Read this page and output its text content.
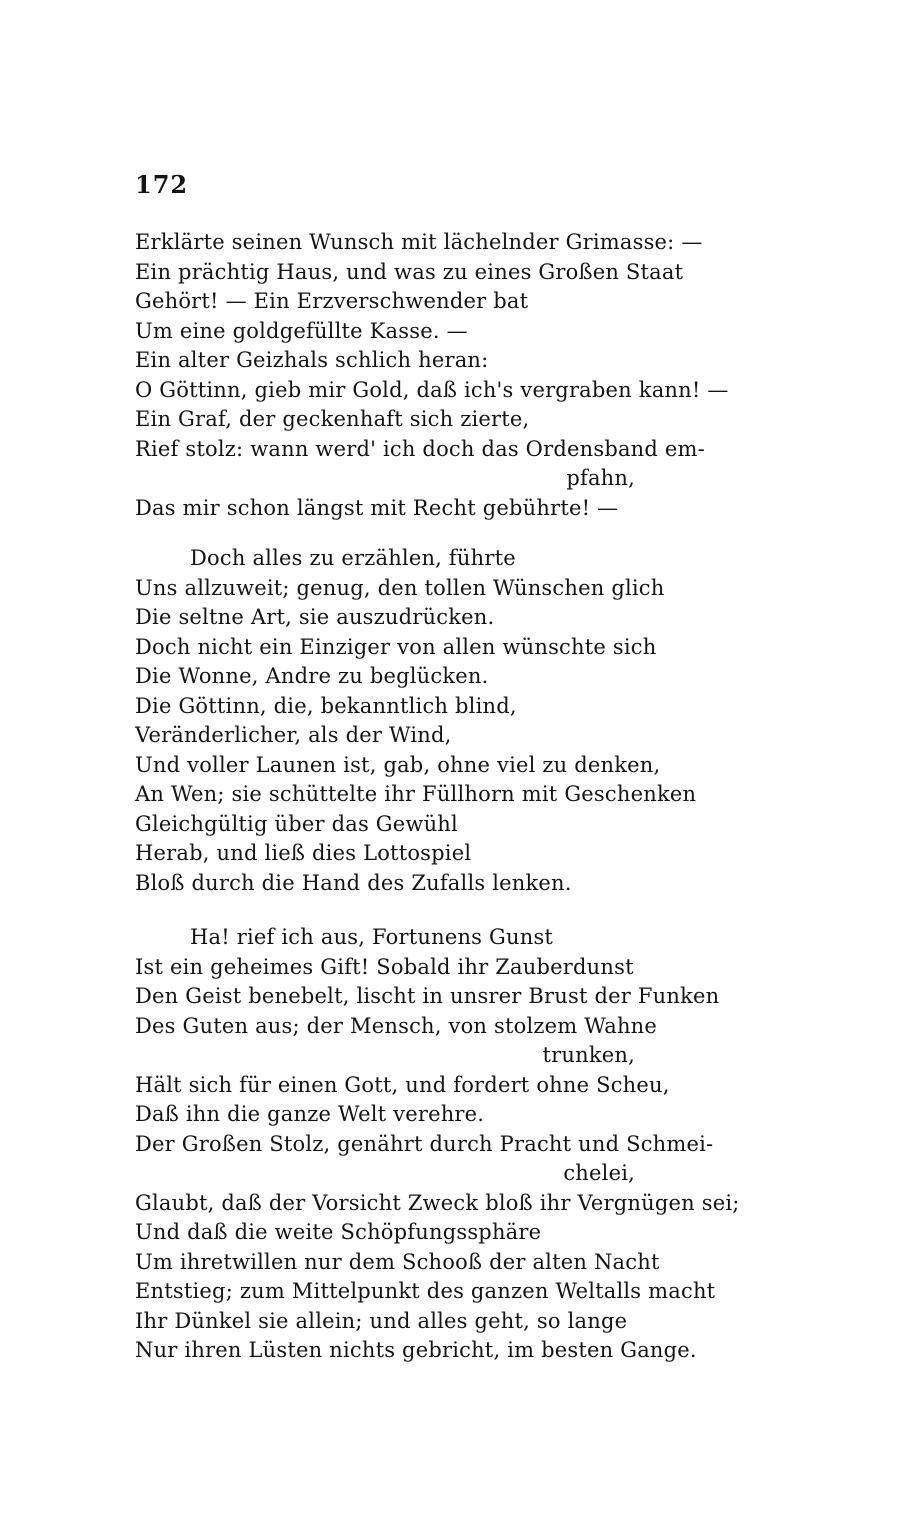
172
Erklärte seinen Wunsch mit lächelnder Grimasse: —
Ein prächtig Haus, und was zu eines Großen Staat
Gehört! — Ein Erzverschwender bat
Um eine goldgefüllte Kasse. —
Ein alter Geizhals schlich heran:
O Göttinn, gieb mir Gold, daß ich's vergraben kann! —
Ein Graf, der geckenhaft sich zierte,
Rief stolz: wann werd' ich doch das Ordensband em-
pfahn,
Das mir schon längst mit Recht gebührte! —
Doch alles zu erzählen, führte
Uns allzuweit; genug, den tollen Wünschen glich
Die seltne Art, sie auszudrücken.
Doch nicht ein Einziger von allen wünschte sich
Die Wonne, Andre zu beglücken.
Die Göttinn, die, bekanntlich blind,
Veränderlicher, als der Wind,
Und voller Launen ist, gab, ohne viel zu denken,
An Wen; sie schüttelte ihr Füllhorn mit Geschenken
Gleichgültig über das Gewühl
Herab, und ließ dies Lottospiel
Bloß durch die Hand des Zufalls lenken.
Ha! rief ich aus, Fortunens Gunst
Ist ein geheimes Gift! Sobald ihr Zauberdunst
Den Geist benebelt, lischt in unsrer Brust der Funken
Des Guten aus; der Mensch, von stolzem Wahne
trunken,
Hält sich für einen Gott, und fordert ohne Scheu,
Daß ihn die ganze Welt verehre.
Der Großen Stolz, genährt durch Pracht und Schmei-
chelei,
Glaubt, daß der Vorsicht Zweck bloß ihr Vergnügen sei;
Und daß die weite Schöpfungssphäre
Um ihretwillen nur dem Schooß der alten Nacht
Entstieg; zum Mittelpunkt des ganzen Weltalls macht
Ihr Dünkel sie allein; und alles geht, so lange
Nur ihren Lüsten nichts gebricht, im besten Gange.
